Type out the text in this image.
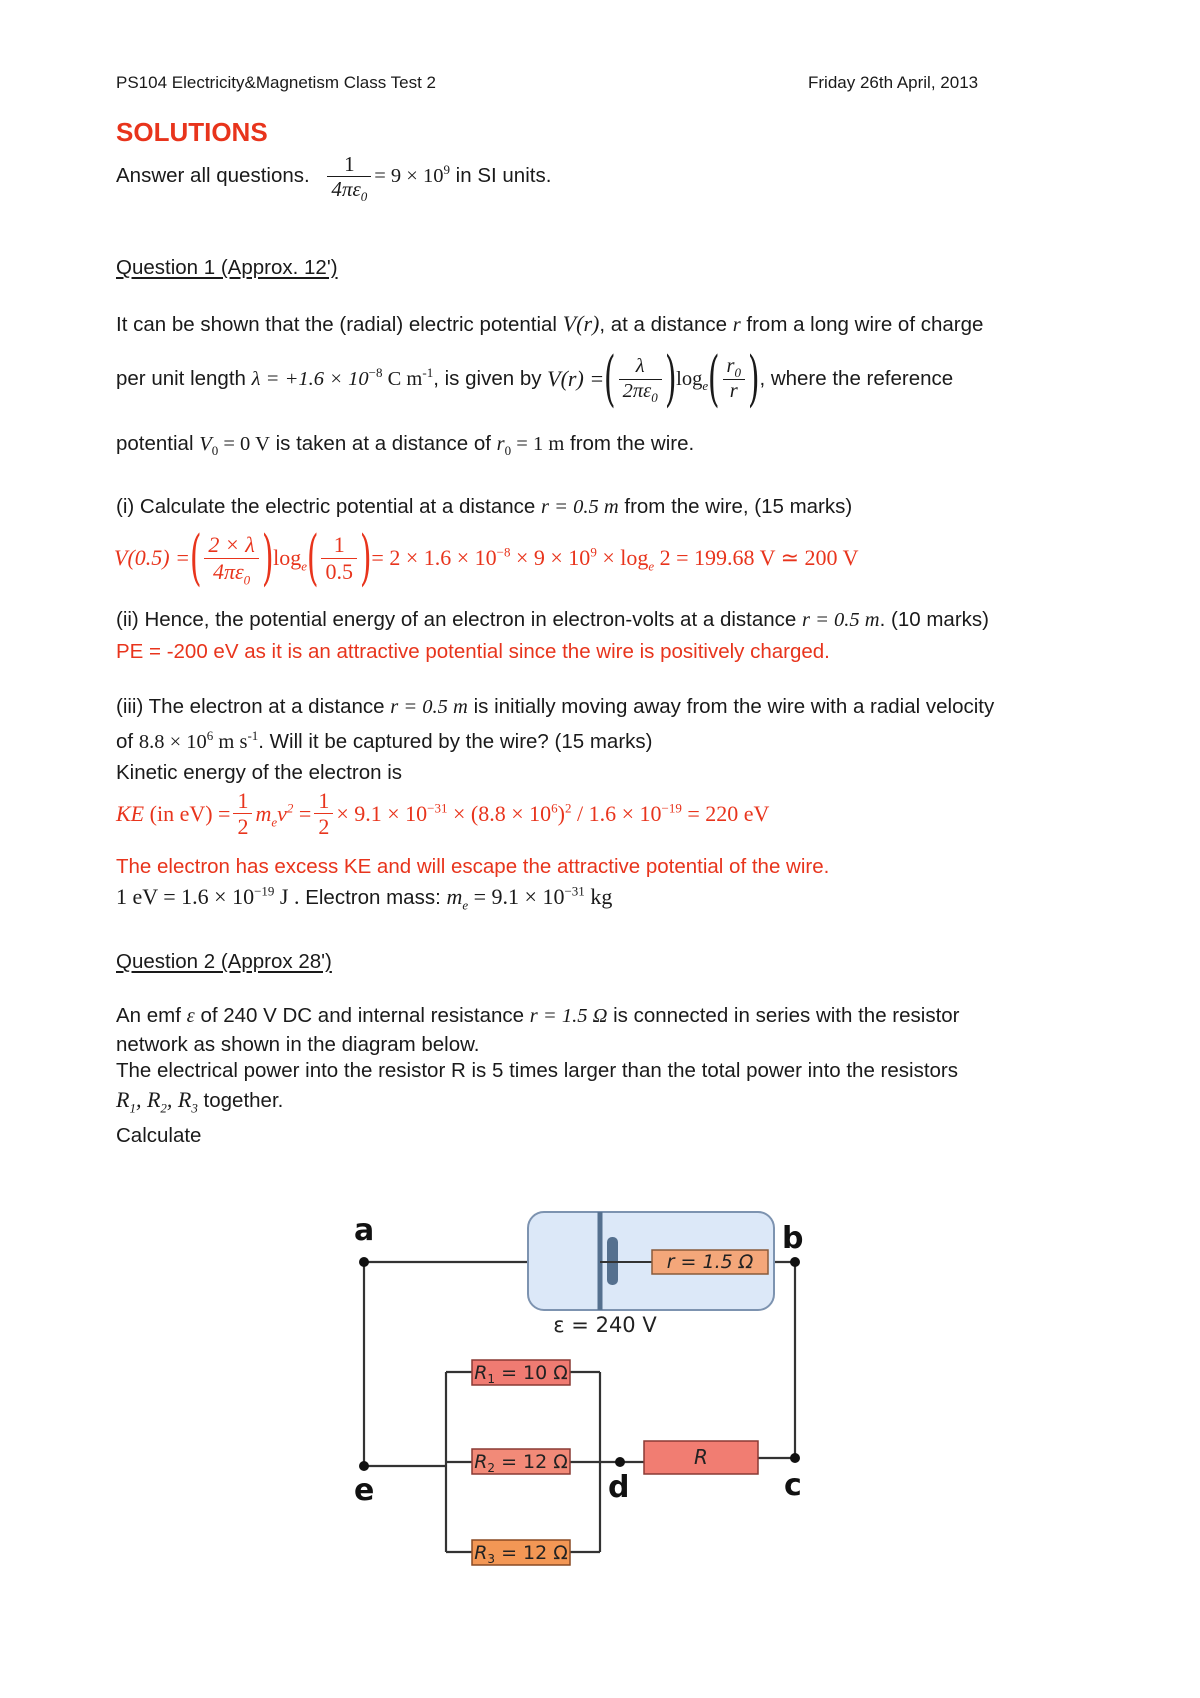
PS104 Electricity&Magnetism Class Test 2	Friday 26th April, 2013
SOLUTIONS
Answer all questions. $\frac{1}{4\pi\varepsilon_0} = 9 \times 10^9$ in SI units.
Question 1 (Approx. 12')
It can be shown that the (radial) electric potential V(r), at a distance r from a long wire of charge
per unit length $\lambda = +1.6 \times 10^{-8}$ C $m^{-1}$, is given by V(r) =( $\frac{\lambda}{2\pi\varepsilon_0} )\log_e( \frac{r_0}{r}$ ), where the reference
potential $V_0 = 0$ V is taken at a distance of $r_0 = 1$ m from the wire.
(i) Calculate the electric potential at a distance r = 0.5 m from the wire, (15 marks)
V(0.5) =( $\frac{2 \times \lambda}{4\pi\varepsilon_0} )\log_e( \frac{1}{0.5}$ )= $2 \times 1.6 \times 10^{-8} \times 9 \times 10^9 \times \log_e 2 = 199.68$ V ≃ 200 V
(ii) Hence, the potential energy of an electron in electron-volts at a distance r = 0.5 m. (10 marks)
PE = -200 eV as it is an attractive potential since the wire is positively charged.
(iii) The electron at a distance r = 0.5 m is initially moving away from the wire with a radial velocity
of $8.8 \times 10^6$ m $s^{-1}$. Will it be captured by the wire? (15 marks)
Kinetic energy of the electron is
KE (in $eV) = \frac{1}{2} m_ev^2 = \frac{1}{2} \times 9.1 \times 10^{-31} \times (8.8 \times 10^6)^2 / 1.6 \times 10^{-19} = 220$ eV
The electron has excess KE and will escape the attractive potential of the wire.
1 eV = $1.6 \times 10^{-19}$ J . Electron mass: $m_e = 9.1 \times 10^{-31}$ kg
Question 2 (Approx 28')
An emf ε of 240 V DC and internal resistance r = 1.5 Ω is connected in series with the resistor
network as shown in the diagram below.
The electrical power into the resistor R is 5 times larger than the total power into the resistors
$R_1$, $R_2$, $R_3$ together.
Calculate
r = 1.5 Ω
ε = 240 V
$R_1 = 10$ Ω
$R_2 = 12$ Ω
$R_3 = 12$ Ω
R
a	b
c
d
e
